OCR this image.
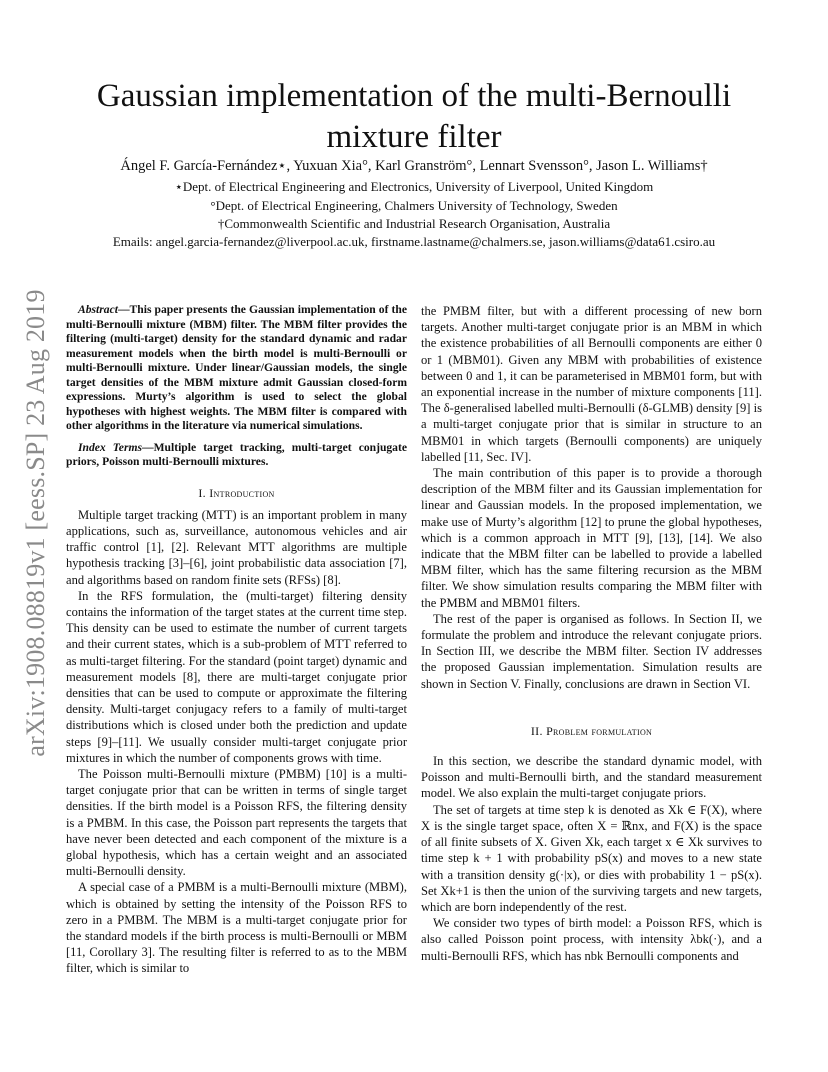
Gaussian implementation of the multi-Bernoulli
mixture filter
Ángel F. García-Fernández⋆, Yuxuan Xia°, Karl Granström°, Lennart Svensson°, Jason L. Williams†
⋆Dept. of Electrical Engineering and Electronics, University of Liverpool, United Kingdom
°Dept. of Electrical Engineering, Chalmers University of Technology, Sweden
†Commonwealth Scientific and Industrial Research Organisation, Australia
Emails: angel.garcia-fernandez@liverpool.ac.uk, firstname.lastname@chalmers.se, jason.williams@data61.csiro.au
arXiv:1908.08819v1 [eess.SP] 23 Aug 2019	Abstract—This paper presents the Gaussian implementation of the multi-Bernoulli mixture (MBM) filter. The MBM filter provides the filtering (multi-target) density for the standard dynamic and radar measurement models when the birth model is multi-Bernoulli or multi-Bernoulli mixture. Under linear/Gaussian models, the single target densities of the MBM mixture admit Gaussian closed-form expressions. Murty’s algorithm is used to select the global hypotheses with highest weights. The MBM filter is compared with other algorithms in the literature via numerical simulations.

Index Terms—Multiple target tracking, multi-target conjugate priors, Poisson multi-Bernoulli mixtures.

I. Introduction

Multiple target tracking (MTT) is an important problem in many applications, such as, surveillance, autonomous vehicles and air traffic control [1], [2]. Relevant MTT algorithms are multiple hypothesis tracking [3]–[6], joint probabilistic data association [7], and algorithms based on random finite sets (RFSs) [8].

In the RFS formulation, the (multi-target) filtering density contains the information of the target states at the current time step. This density can be used to estimate the number of current targets and their current states, which is a sub-problem of MTT referred to as multi-target filtering. For the standard (point target) dynamic and measurement models [8], there are multi-target conjugate prior densities that can be used to compute or approximate the filtering density. Multi-target conjugacy refers to a family of multi-target distributions which is closed under both the prediction and update steps [9]–[11]. We usually consider multi-target conjugate prior mixtures in which the number of components grows with time.

The Poisson multi-Bernoulli mixture (PMBM) [10] is a multi-target conjugate prior that can be written in terms of single target densities. If the birth model is a Poisson RFS, the filtering density is a PMBM. In this case, the Poisson part represents the targets that have never been detected and each component of the mixture is a global hypothesis, which has a certain weight and an associated multi-Bernoulli density.

A special case of a PMBM is a multi-Bernoulli mixture (MBM), which is obtained by setting the intensity of the Poisson RFS to zero in a PMBM. The MBM is a multi-target conjugate prior for the standard models if the birth process is multi-Bernoulli or MBM [11, Corollary 3]. The resulting filter is referred to as to the MBM filter, which is similar to

the PMBM filter, but with a different processing of new born targets. Another multi-target conjugate prior is an MBM in which the existence probabilities of all Bernoulli components are either 0 or 1 (MBM01). Given any MBM with probabilities of existence between 0 and 1, it can be parameterised in MBM01 form, but with an exponential increase in the number of mixture components [11]. The δ-generalised labelled multi-Bernoulli (δ-GLMB) density [9] is a multi-target conjugate prior that is similar in structure to an MBM01 in which targets (Bernoulli components) are uniquely labelled [11, Sec. IV].

The main contribution of this paper is to provide a thorough description of the MBM filter and its Gaussian implementation for linear and Gaussian models. In the proposed implementation, we make use of Murty’s algorithm [12] to prune the global hypotheses, which is a common approach in MTT [9], [13], [14]. We also indicate that the MBM filter can be labelled to provide a labelled MBM filter, which has the same filtering recursion as the MBM filter. We show simulation results comparing the MBM filter with the PMBM and MBM01 filters.

The rest of the paper is organised as follows. In Section II, we formulate the problem and introduce the relevant conjugate priors. In Section III, we describe the MBM filter. Section IV addresses the proposed Gaussian implementation. Simulation results are shown in Section V. Finally, conclusions are drawn in Section VI.

II. Problem formulation

In this section, we describe the standard dynamic model, with Poisson and multi-Bernoulli birth, and the standard measurement model. We also explain the multi-target conjugate priors.

The set of targets at time step k is denoted as Xk ∈ F(X), where X is the single target space, often X = ℝnx, and F(X) is the space of all finite subsets of X. Given Xk, each target x ∈ Xk survives to time step k + 1 with probability pS(x) and moves to a new state with a transition density g(·|x), or dies with probability 1 − pS(x). Set Xk+1 is then the union of the surviving targets and new targets, which are born independently of the rest.

We consider two types of birth model: a Poisson RFS, which is also called Poisson point process, with intensity λbk(·), and a multi-Bernoulli RFS, which has nbk Bernoulli components and
